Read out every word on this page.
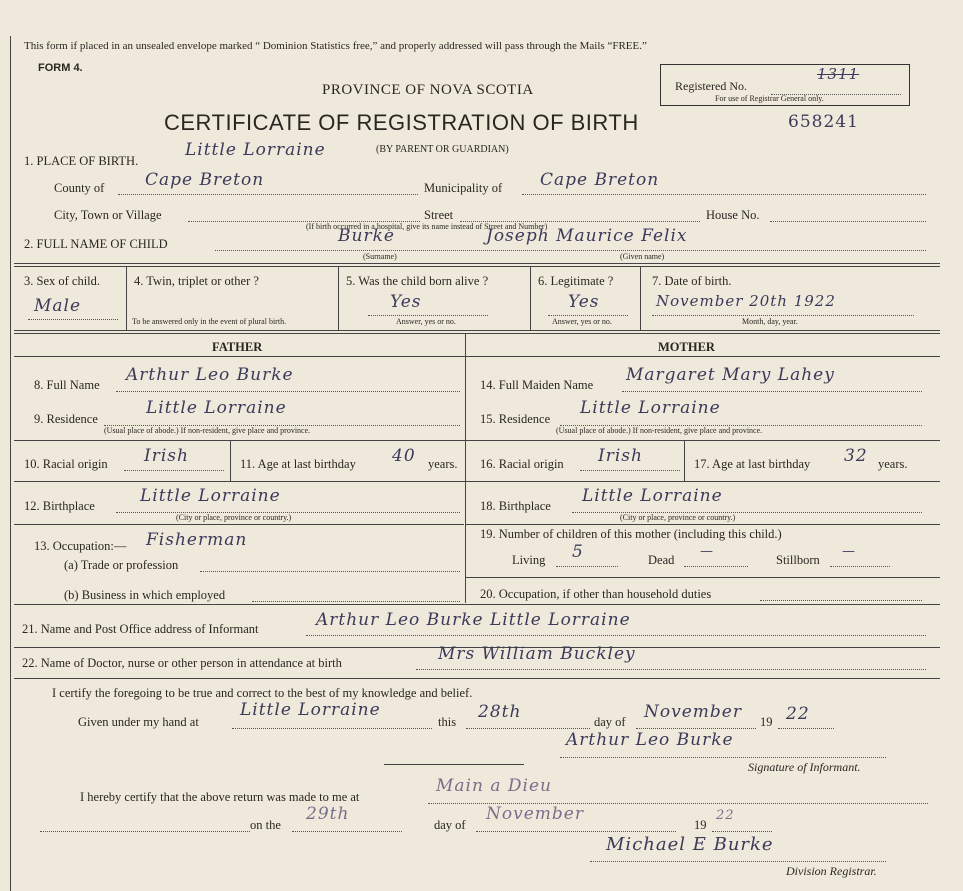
This form if placed in an unsealed envelope marked “ Dominion Statistics free,” and properly addressed will pass through the Mails “FREE.”
FORM 4.
PROVINCE OF NOVA SCOTIA
CERTIFICATE OF REGISTRATION OF BIRTH	658241
Registered No.
1311
For use of Registrar General only.
1. PLACE OF BIRTH.
Little Lorraine	(BY PARENT OR GUARDIAN)
County of Cape Breton	Municipality of Cape Breton
City, Town or Village	Street	House No.
(If birth occurred in a hospital, give its name instead of Street and Number)
2. FULL NAME OF CHILD	Burke	Joseph Maurice Felix
(Surname)	(Given name)
3. Sex of child.
Male
4. Twin, triplet or other ?
To be answered only in the event of plural birth.
5. Was the child born alive ?
Yes
Answer, yes or no.
6. Legitimate ?
Yes
Answer, yes or no.
7. Date of birth.
November 20th 1922
Month, day, year.
FATHER	MOTHER
8. Full Name Arthur Leo Burke
9. Residence
Little Lorraine
(Usual place of abode.) If non-resident, give place and province.
10. Racial origin Irish	11. Age at last birthday 40 years.
12. Birthplace	Little Lorraine
(City or place, province or country.)
13. Occupation:— Fisherman
(a) Trade or profession
(b) Business in which employed
14. Full Maiden Name Margaret Mary Lahey
15. Residence
Little Lorraine
(Usual place of abode.) If non-resident, give place and province.
16. Racial origin Irish	17. Age at last birthday 32 years.
18. Birthplace Little Lorraine
(City or place, province or country.)
19. Number of children of this mother (including this child.)
Living 5	Dead
—
Stillborn
—
20. Occupation, if other than household duties
21. Name and Post Office address of Informant	Arthur Leo Burke Little Lorraine
22. Name of Doctor, nurse or other person in attendance at birth	Mrs William Buckley
I certify the foregoing to be true and correct to the best of my knowledge and belief.
Given under my hand at
Little Lorraine
this 28th	day of November 19 22
Arthur Leo Burke
Signature of Informant.
I hereby certify that the above return was made to me at
Main a Dieu
on the
29th
day of
November
19
22
Michael E Burke
Division Registrar.
